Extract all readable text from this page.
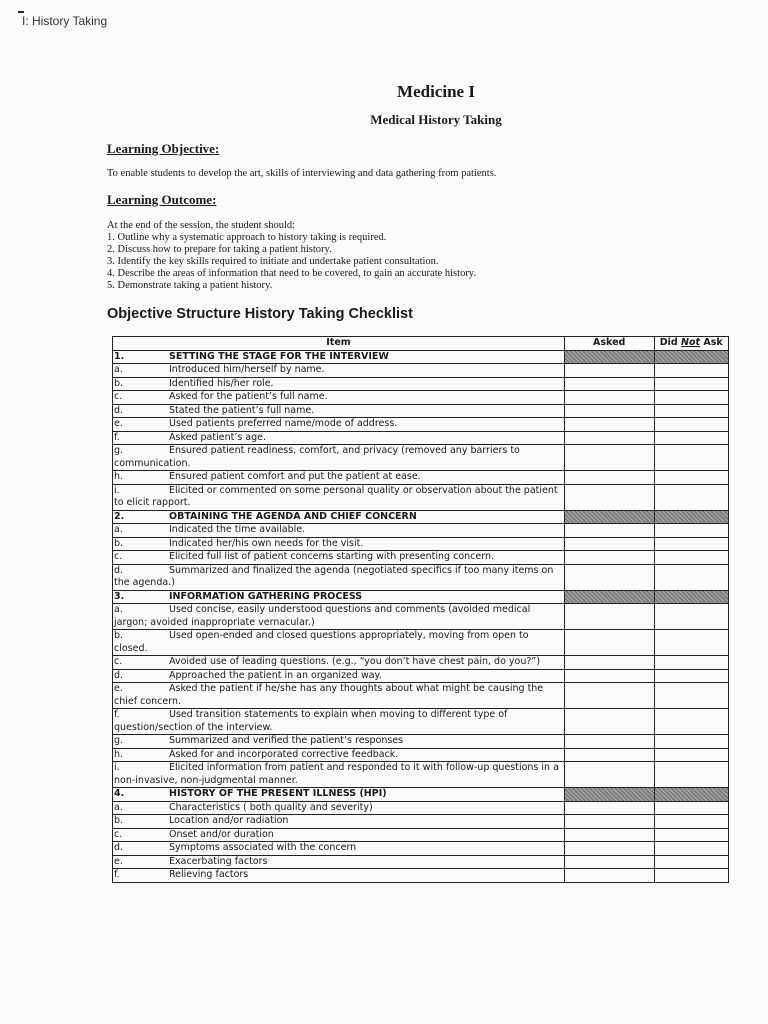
I: History Taking
Medicine I
Medical History Taking
Learning Objective:
To enable students to develop the art, skills of interviewing and data gathering from patients.
Learning Outcome:
At the end of the session, the student should:
1. Outline why a systematic approach to history taking is required.
2. Discuss how to prepare for taking a patient history.
3. Identify the key skills required to initiate and undertake patient consultation.
4. Describe the areas of information that need to be covered, to gain an accurate history.
5. Demonstrate taking a patient history.
Objective Structure History Taking Checklist
Item	Asked	Did Not Ask

1. SETTING THE STAGE FOR THE INTERVIEW		

a. Introduced him/herself by name.		

b. Identified his/her role.		

c. Asked for the patient’s full name.		

d. Stated the patient’s full name.		

e. Used patients preferred name/mode of address.		

f. Asked patient’s age.		

g. Ensured patient readiness, comfort, and privacy (removed any barriers to communication.		

h. Ensured patient comfort and put the patient at ease.		

i. Elicited or commented on some personal quality or observation about the patient to elicit rapport.		

2. OBTAINING THE AGENDA AND CHIEF CONCERN		

a. Indicated the time available.		

b. Indicated her/his own needs for the visit.		

c. Elicited full list of patient concerns starting with presenting concern.		

d. Summarized and finalized the agenda (negotiated specifics if too many items on the agenda.)		

3. INFORMATION GATHERING PROCESS		

a. Used concise, easily understood questions and comments (avoided medical jargon; avoided inappropriate vernacular.)		

b. Used open-ended and closed questions appropriately, moving from open to closed.		

c. Avoided use of leading questions. (e.g., “you don’t have chest pain, do you?”)		

d. Approached the patient in an organized way.		

e. Asked the patient if he/she has any thoughts about what might be causing the chief concern.		

f. Used transition statements to explain when moving to different type of question/section of the interview.		

g. Summarized and verified the patient’s responses		

h. Asked for and incorporated corrective feedback.		

i. Elicited information from patient and responded to it with follow-up questions in a non-invasive, non-judgmental manner.		

4. HISTORY OF THE PRESENT ILLNESS (HPI)		

a. Characteristics ( both quality and severity)		

b. Location and/or radiation		

c. Onset and/or duration		

d. Symptoms associated with the concern		

e. Exacerbating factors		

f. Relieving factors		
